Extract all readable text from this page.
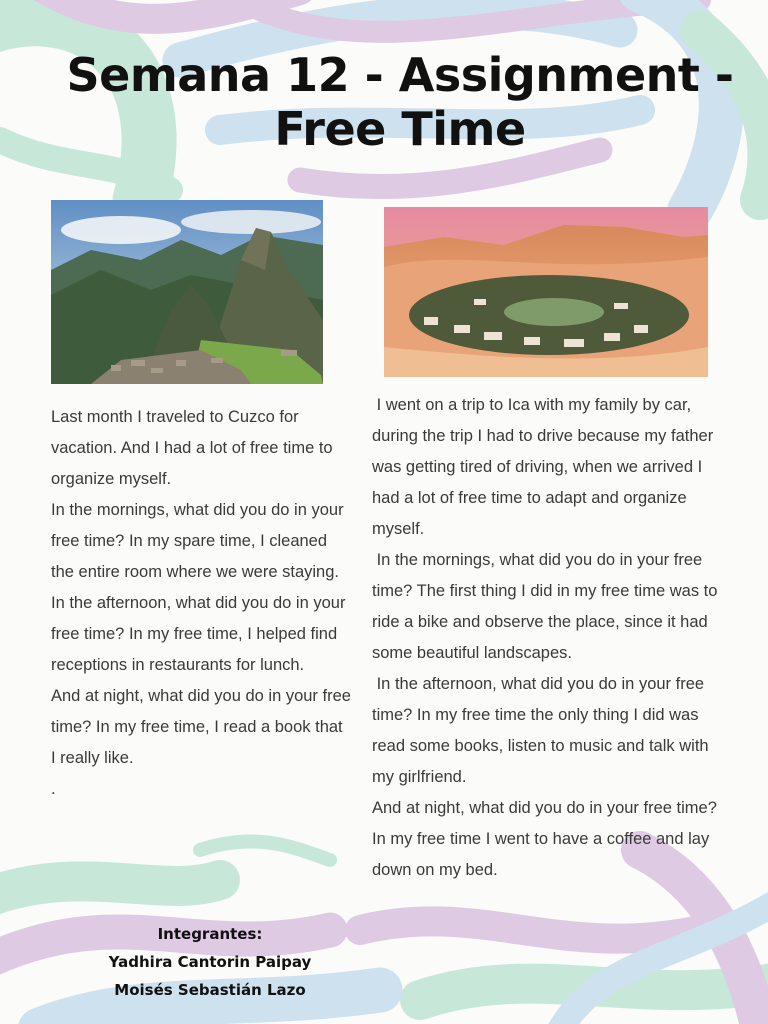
Semana 12 - Assignment -
Free Time

Last month I traveled to Cuzco for vacation. And I had a lot of free time to organize myself.

In the mornings, what did you do in your free time? In my spare time, I cleaned the entire room where we were staying. In the afternoon, what did you do in your free time? In my free time, I helped find receptions in restaurants for lunch.

And at night, what did you do in your free time? In my free time, I read a book that I really like.

.

I went on a trip to Ica with my family by car, during the trip I had to drive because my father was getting tired of driving, when we arrived I had a lot of free time to adapt and organize myself.

In the mornings, what did you do in your free time? The first thing I did in my free time was to ride a bike and observe the place, since it had some beautiful landscapes.

In the afternoon, what did you do in your free time? In my free time the only thing I did was read some books, listen to music and talk with my girlfriend.

And at night, what did you do in your free time? In my free time I went to have a coffee and lay down on my bed.

Integrantes:
Yadhira Cantorin Paipay
Moisés Sebastián Lazo
